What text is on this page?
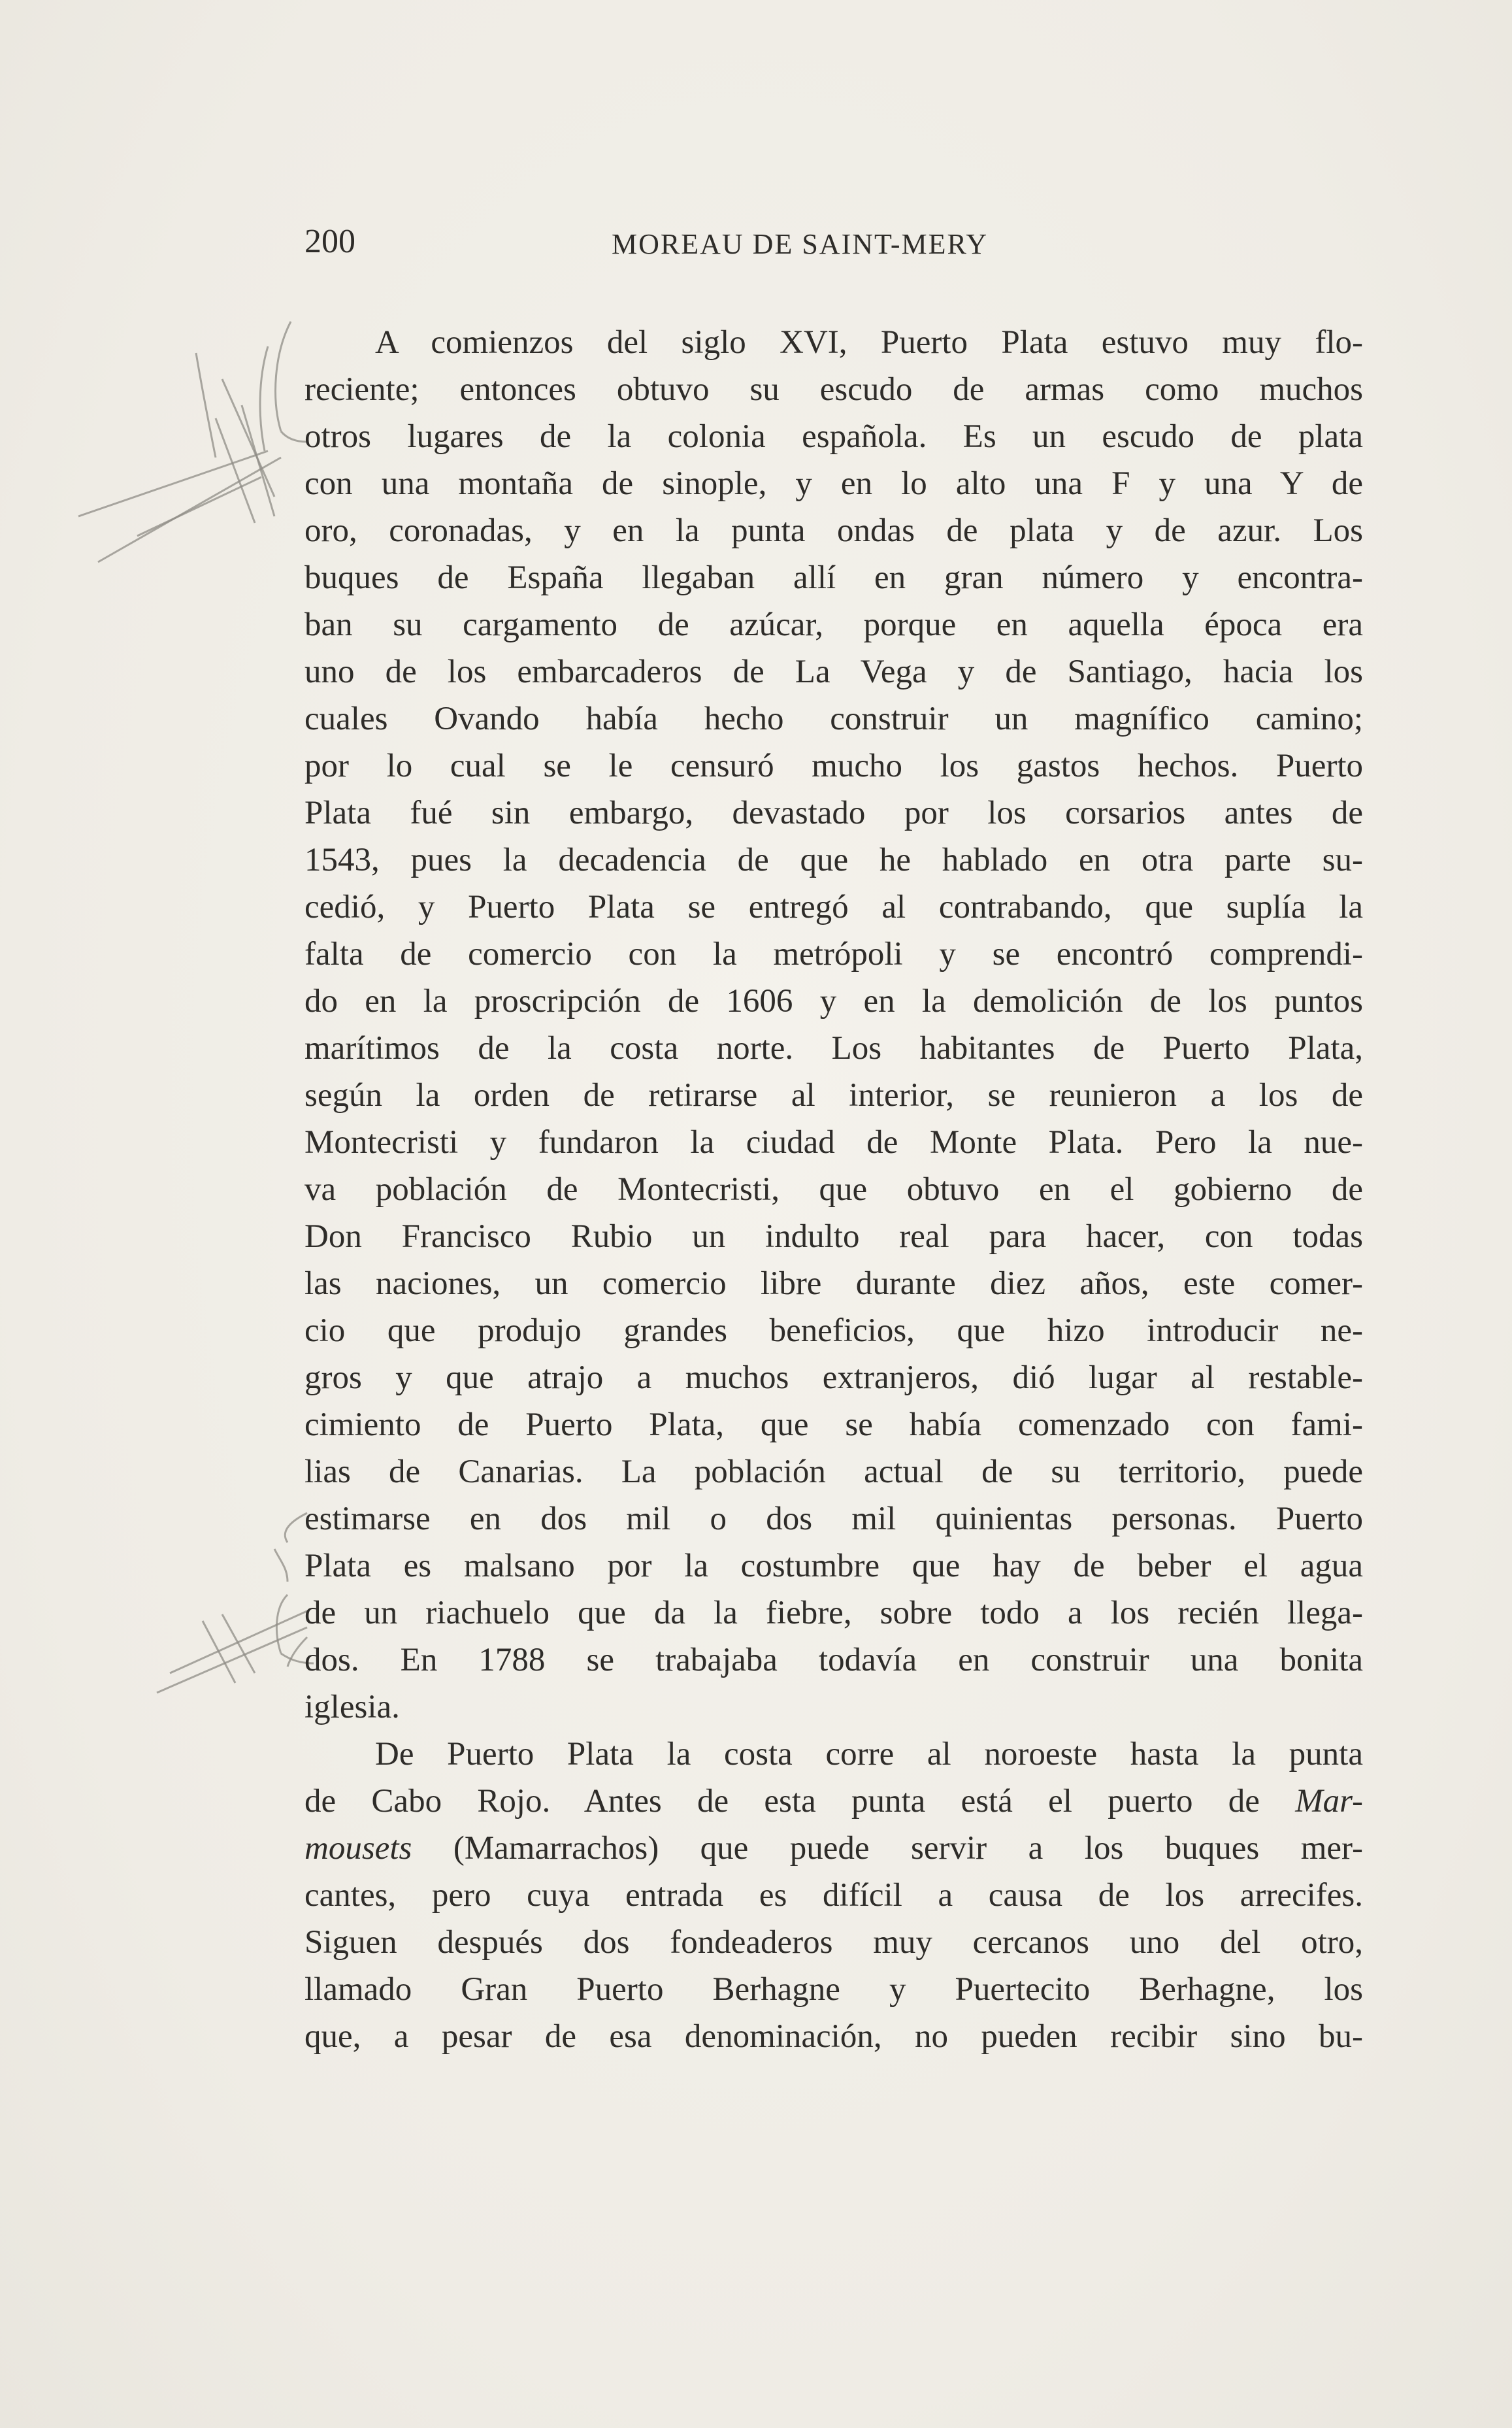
200	MOREAU DE SAINT-MERY
A comienzos del siglo XVI, Puerto Plata estuvo muy flo-
reciente; entonces obtuvo su escudo de armas como muchos
otros lugares de la colonia española. Es un escudo de plata
con una montaña de sinople, y en lo alto una F y una Y de
oro, coronadas, y en la punta ondas de plata y de azur. Los
buques de España llegaban allí en gran número y encontra-
ban su cargamento de azúcar, porque en aquella época era
uno de los embarcaderos de La Vega y de Santiago, hacia los
cuales Ovando había hecho construir un magnífico camino;
por lo cual se le censuró mucho los gastos hechos. Puerto
Plata fué sin embargo, devastado por los corsarios antes de
1543, pues la decadencia de que he hablado en otra parte su-
cedió, y Puerto Plata se entregó al contrabando, que suplía la
falta de comercio con la metrópoli y se encontró comprendi-
do en la proscripción de 1606 y en la demolición de los puntos
marítimos de la costa norte. Los habitantes de Puerto Plata,
según la orden de retirarse al interior, se reunieron a los de
Montecristi y fundaron la ciudad de Monte Plata. Pero la nue-
va población de Montecristi, que obtuvo en el gobierno de
Don Francisco Rubio un indulto real para hacer, con todas
las naciones, un comercio libre durante diez años, este comer-
cio que produjo grandes beneficios, que hizo introducir ne-
gros y que atrajo a muchos extranjeros, dió lugar al restable-
cimiento de Puerto Plata, que se había comenzado con fami-
lias de Canarias. La población actual de su territorio, puede
estimarse en dos mil o dos mil quinientas personas. Puerto
Plata es malsano por la costumbre que hay de beber el agua
de un riachuelo que da la fiebre, sobre todo a los recién llega-
dos. En 1788 se trabajaba todavía en construir una bonita
iglesia.
De Puerto Plata la costa corre al noroeste hasta la punta
de Cabo Rojo. Antes de esta punta está el puerto de Mar-
mousets (Mamarrachos) que puede servir a los buques mer-
cantes, pero cuya entrada es difícil a causa de los arrecifes.
Siguen después dos fondeaderos muy cercanos uno del otro,
llamado Gran Puerto Berhagne y Puertecito Berhagne, los
que, a pesar de esa denominación, no pueden recibir sino bu-
